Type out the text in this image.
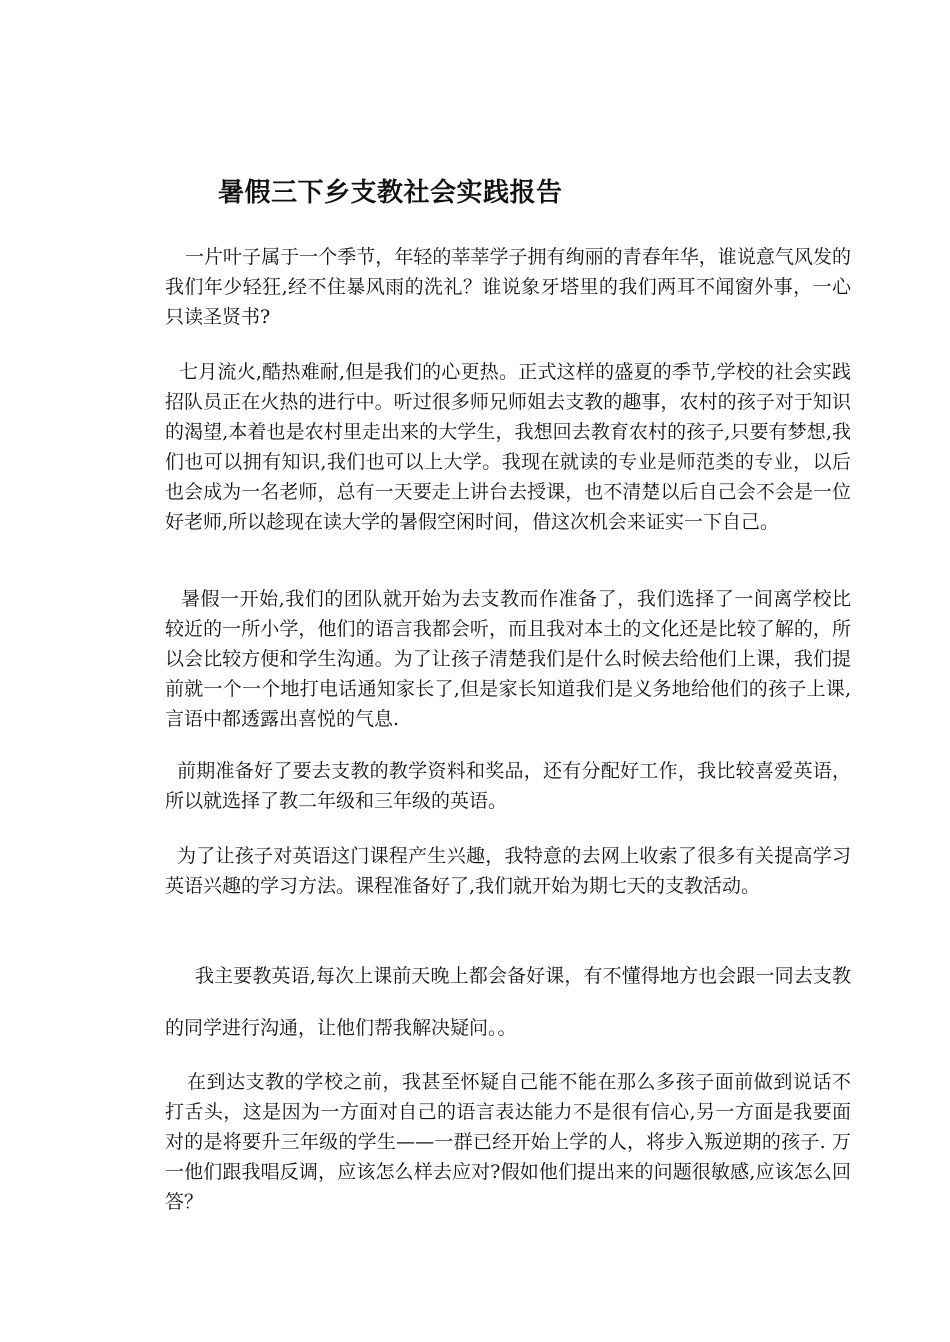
暑假三下乡支教社会实践报告

一片叶子属于一个季节，年轻的莘莘学子拥有绚丽的青春年华，谁说意气风发的我们年少轻狂,经不住暴风雨的洗礼？谁说象牙塔里的我们两耳不闻窗外事，一心只读圣贤书?

七月流火,酷热难耐,但是我们的心更热。正式这样的盛夏的季节,学校的社会实践招队员正在火热的进行中。听过很多师兄师姐去支教的趣事，农村的孩子对于知识的渴望,本着也是农村里走出来的大学生，我想回去教育农村的孩子,只要有梦想,我们也可以拥有知识,我们也可以上大学。我现在就读的专业是师范类的专业，以后也会成为一名老师，总有一天要走上讲台去授课，也不清楚以后自己会不会是一位好老师,所以趁现在读大学的暑假空闲时间，借这次机会来证实一下自己。

暑假一开始,我们的团队就开始为去支教而作准备了，我们选择了一间离学校比较近的一所小学，他们的语言我都会听，而且我对本土的文化还是比较了解的，所以会比较方便和学生沟通。为了让孩子清楚我们是什么时候去给他们上课，我们提前就一个一个地打电话通知家长了,但是家长知道我们是义务地给他们的孩子上课,言语中都透露出喜悦的气息.

前期准备好了要去支教的教学资料和奖品，还有分配好工作，我比较喜爱英语，所以就选择了教二年级和三年级的英语。

为了让孩子对英语这门课程产生兴趣，我特意的去网上收索了很多有关提高学习英语兴趣的学习方法。课程准备好了,我们就开始为期七天的支教活动。

我主要教英语,每次上课前天晚上都会备好课，有不懂得地方也会跟一同去支教的同学进行沟通，让他们帮我解决疑问。。

在到达支教的学校之前，我甚至怀疑自己能不能在那么多孩子面前做到说话不打舌头，这是因为一方面对自己的语言表达能力不是很有信心,另一方面是我要面对的是将要升三年级的学生——一群已经开始上学的人，将步入叛逆期的孩子. 万一他们跟我唱反调，应该怎么样去应对?假如他们提出来的问题很敏感,应该怎么回答？
